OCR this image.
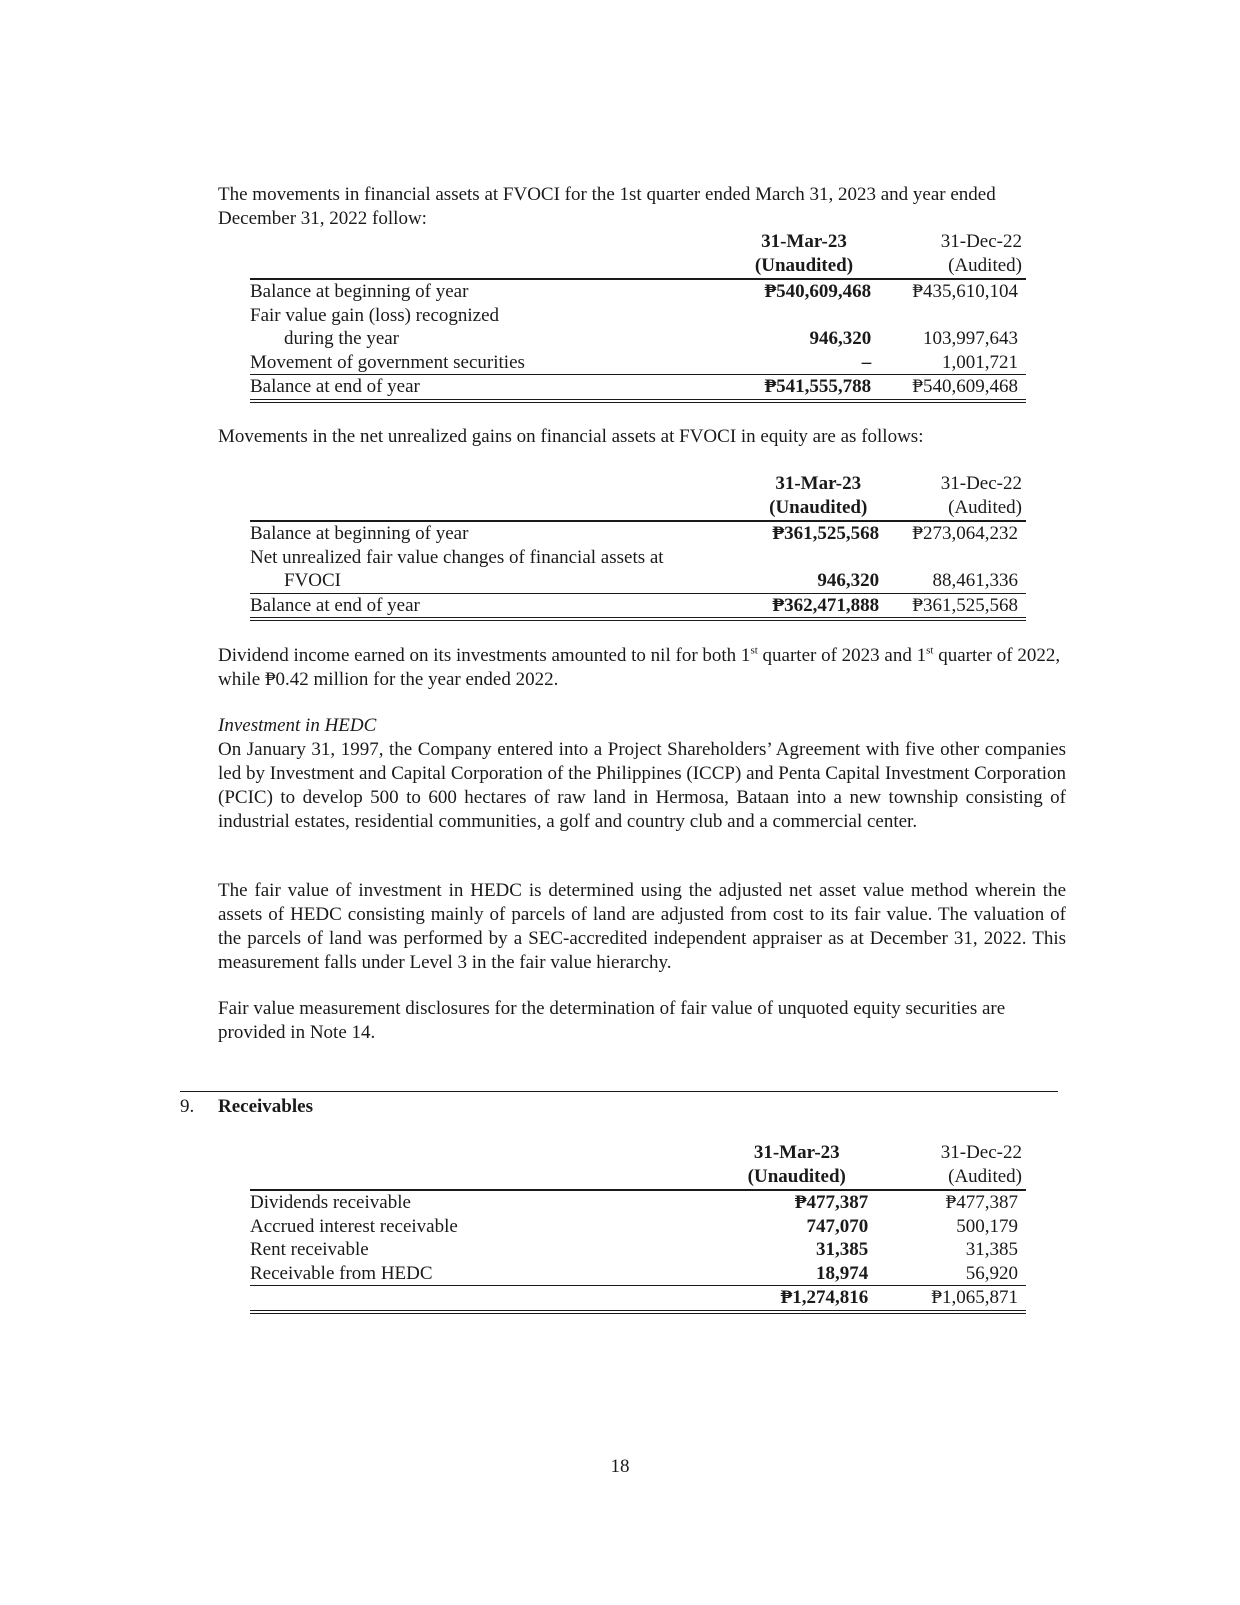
The movements in financial assets at FVOCI for the 1st quarter ended March 31, 2023 and year ended December 31, 2022 follow:

	31-Mar-23	31-Dec-22
	(Unaudited)	(Audited)
Balance at beginning of year	₱540,609,468	₱435,610,104
Fair value gain (loss) recognized		
during the year	946,320	103,997,643
Movement of government securities	–	1,001,721
Balance at end of year	₱541,555,788	₱540,609,468

Movements in the net unrealized gains on financial assets at FVOCI in equity are as follows:

	31-Mar-23	31-Dec-22
	(Unaudited)	(Audited)
Balance at beginning of year	₱361,525,568	₱273,064,232
Net unrealized fair value changes of financial assets at		
FVOCI	946,320	88,461,336
Balance at end of year	₱362,471,888	₱361,525,568

Dividend income earned on its investments amounted to nil for both 1st quarter of 2023 and 1st quarter of 2022, while ₱0.42 million for the year ended 2022.

Investment in HEDC

On January 31, 1997, the Company entered into a Project Shareholders’ Agreement with five other companies led by Investment and Capital Corporation of the Philippines (ICCP) and Penta Capital Investment Corporation (PCIC) to develop 500 to 600 hectares of raw land in Hermosa, Bataan into a new township consisting of industrial estates, residential communities, a golf and country club and a commercial center.

The fair value of investment in HEDC is determined using the adjusted net asset value method wherein the assets of HEDC consisting mainly of parcels of land are adjusted from cost to its fair value. The valuation of the parcels of land was performed by a SEC-accredited independent appraiser as at December 31, 2022. This measurement falls under Level 3 in the fair value hierarchy.

Fair value measurement disclosures for the determination of fair value of unquoted equity securities are provided in Note 14.

9. Receivables
	31-Mar-23	31-Dec-22
	(Unaudited)	(Audited)
Dividends receivable	₱477,387	₱477,387
Accrued interest receivable	747,070	500,179
Rent receivable	31,385	31,385
Receivable from HEDC	18,974	56,920
	₱1,274,816	₱1,065,871
18
